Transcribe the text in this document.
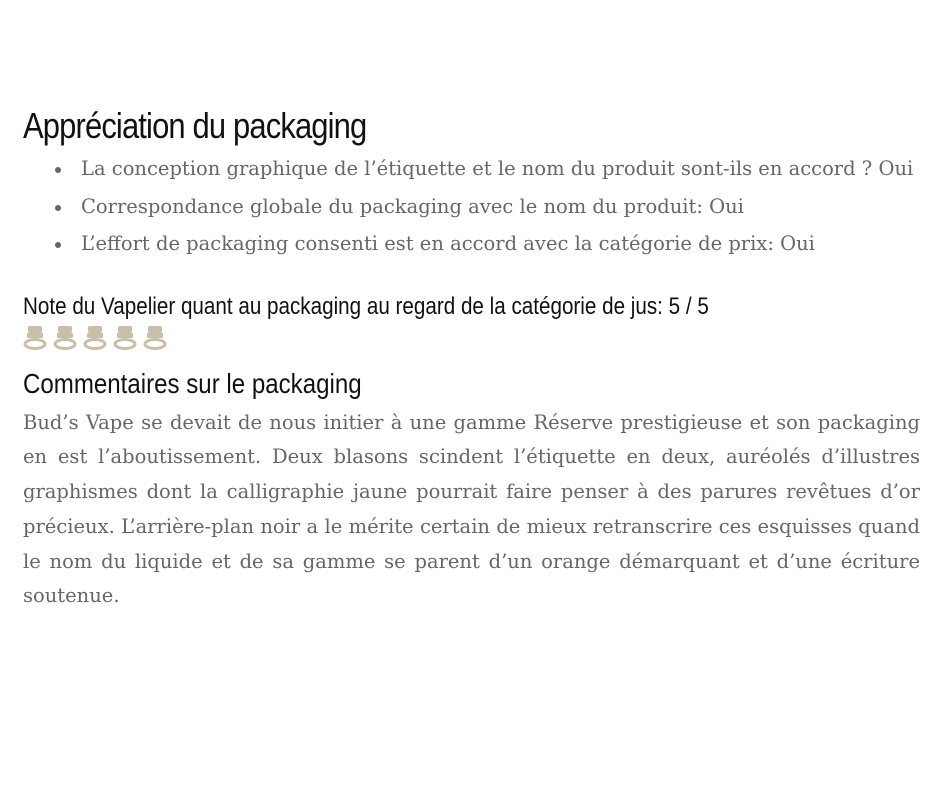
Appréciation du packaging
La conception graphique de l’étiquette et le nom du produit sont-ils en accord ? Oui
Correspondance globale du packaging avec le nom du produit: Oui
L’effort de packaging consenti est en accord avec la catégorie de prix: Oui
Note du Vapelier quant au packaging au regard de la catégorie de jus: 5 / 5
Commentaires sur le packaging

Bud’s Vape se devait de nous initier à une gamme Réserve prestigieuse et son packaging en est l’aboutissement. Deux blasons scindent l’étiquette en deux, auréolés d’illustres graphismes dont la calligraphie jaune pourrait faire penser à des parures revêtues d’or précieux. L’arrière-plan noir a le mérite certain de mieux retranscrire ces esquisses quand le nom du liquide et de sa gamme se parent d’un orange démarquant et d’une écriture soutenue.
